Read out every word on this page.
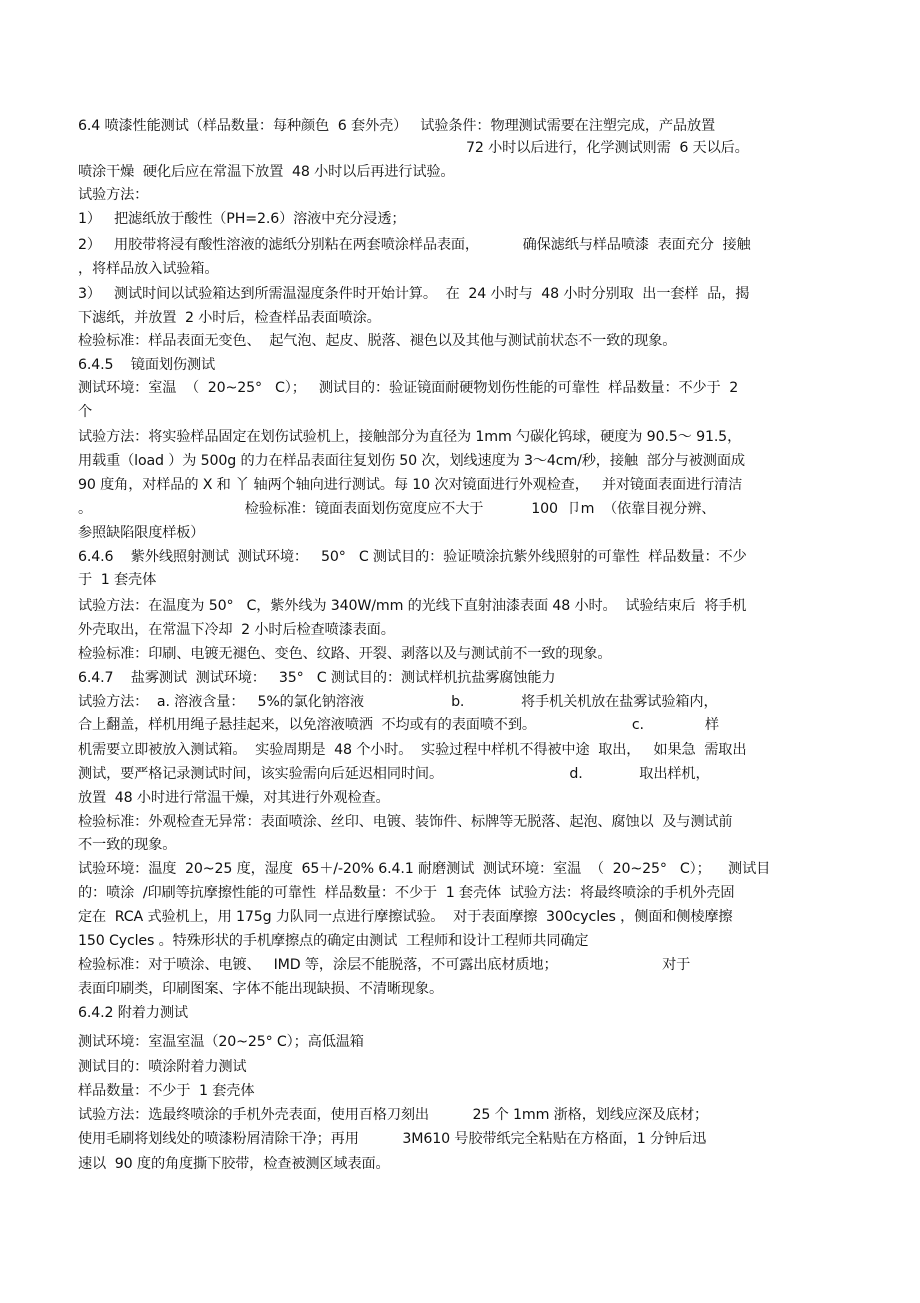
6.4 喷漆性能测试（样品数量：每种颜色  6 套外壳）   试验条件：物理测试需要在注塑完成，产品放置
72 小时以后进行，化学测试则需  6 天以后。
喷涂干燥  硬化后应在常温下放置  48 小时以后再进行试验。
试验方法：
1）   把滤纸放于酸性（PH=2.6）溶液中充分浸透；
2）   用胶带将浸有酸性溶液的滤纸分别粘在两套喷涂样品表面，          确保滤纸与样品喷漆  表面充分  接触
，将样品放入试验箱。
3）   测试时间以试验箱达到所需温湿度条件时开始计算。  在  24 小时与  48 小时分别取  出一套样  品，揭
下滤纸，并放置  2 小时后，检查样品表面喷涂。
检验标准：样品表面无变色、  起气泡、起皮、脱落、褪色以及其他与测试前状态不一致的现象。
6.4.5    镜面划伤测试
测试环境：室温  （  20~25°   C）；   测试目的：验证镜面耐硬物划伤性能的可靠性  样品数量：不少于  2
个
试验方法：将实验样品固定在划伤试验机上，接触部分为直径为 1mm 勺碳化钨球，硬度为 90.5〜 91.5，
用载重（load ）为 500g 的力在样品表面往复划伤 50 次，划线速度为 3〜4cm/秒，接触  部分与被测面成
90 度角，对样品的 X 和 丫 轴两个轴向进行测试。每 10 次对镜面进行外观检查，   并对镜面表面进行清洁
。                                   检验标准：镜面表面划伤宽度应不大于           100  卩m  （依靠目视分辨、
参照缺陷限度样板）
6.4.6    紫外线照射测试  测试环境：   50°   C 测试目的：验证喷涂抗紫外线照射的可靠性  样品数量：不少
于  1 套壳体
试验方法：在温度为 50°   C，紫外线为 340W/mm 的光线下直射油漆表面 48 小时。  试验结束后  将手机
外壳取出，在常温下冷却  2 小时后检查喷漆表面。
检验标准：印刷、电镀无褪色、变色、纹路、开裂、剥落以及与测试前不一致的现象。
6.4.7    盐雾测试  测试环境：   35°   C 测试目的：测试样机抗盐雾腐蚀能力
试验方法：  a. 溶液含量：   5%的氯化钠溶液                    b.             将手机关机放在盐雾试验箱内，
合上翻盖，样机用绳子悬挂起来，以免溶液喷洒  不均或有的表面喷不到。                      c.              样
机需要立即被放入测试箱。  实验周期是  48 个小时。  实验过程中样机不得被中途  取出，   如果急  需取出
测试，要严格记录测试时间，该实验需向后延迟相同时间。                             d.             取出样机，
放置  48 小时进行常温干燥，对其进行外观检查。
检验标准：外观检查无异常：表面喷涂、丝印、电镀、装饰件、标牌等无脱落、起泡、腐蚀以  及与测试前
不一致的现象。
试验环境：温度  20~25 度，湿度  65＋/-20% 6.4.1 耐磨测试  测试环境：室温  （  20~25°   C）；    测试目
的：喷涂  /印刷等抗摩擦性能的可靠性  样品数量：不少于  1 套壳体  试验方法：将最终喷涂的手机外壳固
定在  RCA 式验机上，用 175g 力队同一点进行摩擦试验。  对于表面摩擦  300cycles ，侧面和侧棱摩擦
150 Cycles 。特殊形状的手机摩擦点的确定由测试  工程师和设计工程师共同确定
检验标准：对于喷涂、电镀、   IMD 等，涂层不能脱落，不可露出底材质地；                        对于
表面印刷类，印刷图案、字体不能出现缺损、不清晰现象。
6.4.2 附着力测试
测试环境：室温室温（20~25° C）；高低温箱
测试目的：喷涂附着力测试
样品数量：不少于  1 套壳体
试验方法：选最终喷涂的手机外壳表面，使用百格刀刻出          25 个 1mm 浙格，划线应深及底材；
使用毛刷将划线处的喷漆粉屑清除干净；再用          3M610 号胶带纸完全粘贴在方格面，1 分钟后迅
速以  90 度的角度撕下胶带，检查被测区域表面。
